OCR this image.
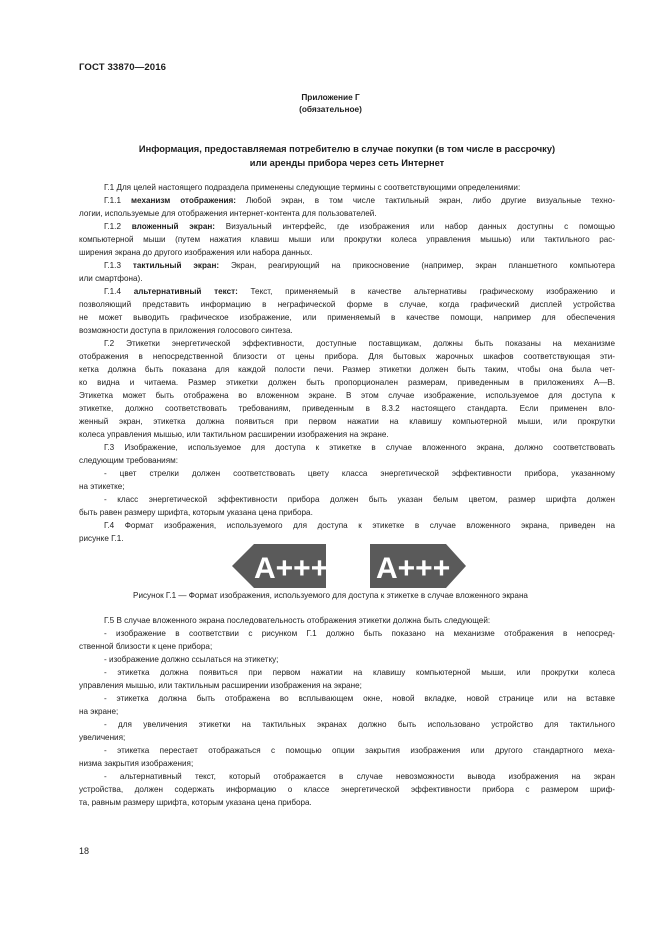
ГОСТ 33870—2016
Приложение Г
(обязательное)
Информация, предоставляемая потребителю в случае покупки (в том числе в рассрочку)
или аренды прибора через сеть Интернет
Г.1 Для целей настоящего подраздела применены следующие термины с соответствующими определениями:
Г.1.1 механизм отображения: Любой экран, в том числе тактильный экран, либо другие визуальные техно-
логии, используемые для отображения интернет-контента для пользователей.
Г.1.2 вложенный экран: Визуальный интерфейс, где изображения или набор данных доступны с помощью
компьютерной мыши (путем нажатия клавиш мыши или прокрутки колеса управления мышью) или тактильного рас-
ширения экрана до другого изображения или набора данных.
Г.1.3 тактильный экран: Экран, реагирующий на прикосновение (например, экран планшетного компьютера
или смартфона).
Г.1.4 альтернативный текст: Текст, применяемый в качестве альтернативы графическому изображению и
позволяющий представить информацию в неграфической форме в случае, когда графический дисплей устройства
не может выводить графическое изображение, или применяемый в качестве помощи, например для обеспечения
возможности доступа в приложения голосового синтеза.
Г.2 Этикетки энергетической эффективности, доступные поставщикам, должны быть показаны на механизме
отображения в непосредственной близости от цены прибора. Для бытовых жарочных шкафов соответствующая эти-
кетка должна быть показана для каждой полости печи. Размер этикетки должен быть таким, чтобы она была чет-
ко видна и читаема. Размер этикетки должен быть пропорционален размерам, приведенным в приложениях А—В.
Этикетка может быть отображена во вложенном экране. В этом случае изображение, используемое для доступа к
этикетке, должно соответствовать требованиям, приведенным в 8.3.2 настоящего стандарта. Если применен вло-
женный экран, этикетка должна появиться при первом нажатии на клавишу компьютерной мыши, или прокрутки
колеса управления мышью, или тактильном расширении изображения на экране.
Г.3 Изображение, используемое для доступа к этикетке в случае вложенного экрана, должно соответствовать
следующим требованиям:
- цвет стрелки должен соответствовать цвету класса энергетической эффективности прибора, указанному
на этикетке;
- класс энергетической эффективности прибора должен быть указан белым цветом, размер шрифта должен
быть равен размеру шрифта, которым указана цена прибора.
Г.4 Формат изображения, используемого для доступа к этикетке в случае вложенного экрана, приведен на
рисунке Г.1.
A+++ A+++
Рисунок Г.1 — Формат изображения, используемого для доступа к этикетке в случае вложенного экрана
Г.5 В случае вложенного экрана последовательность отображения этикетки должна быть следующей:
- изображение в соответствии с рисунком Г.1 должно быть показано на механизме отображения в непосред-
ственной близости к цене прибора;
- изображение должно ссылаться на этикетку;
- этикетка должна появиться при первом нажатии на клавишу компьютерной мыши, или прокрутки колеса
управления мышью, или тактильным расширении изображения на экране;
- этикетка должна быть отображена во всплывающем окне, новой вкладке, новой странице или на вставке
на экране;
- для увеличения этикетки на тактильных экранах должно быть использовано устройство для тактильного
увеличения;
- этикетка перестает отображаться с помощью опции закрытия изображения или другого стандартного меха-
низма закрытия изображения;
- альтернативный текст, который отображается в случае невозможности вывода изображения на экран
устройства, должен содержать информацию о классе энергетической эффективности прибора с размером шриф-
та, равным размеру шрифта, которым указана цена прибора.
18
